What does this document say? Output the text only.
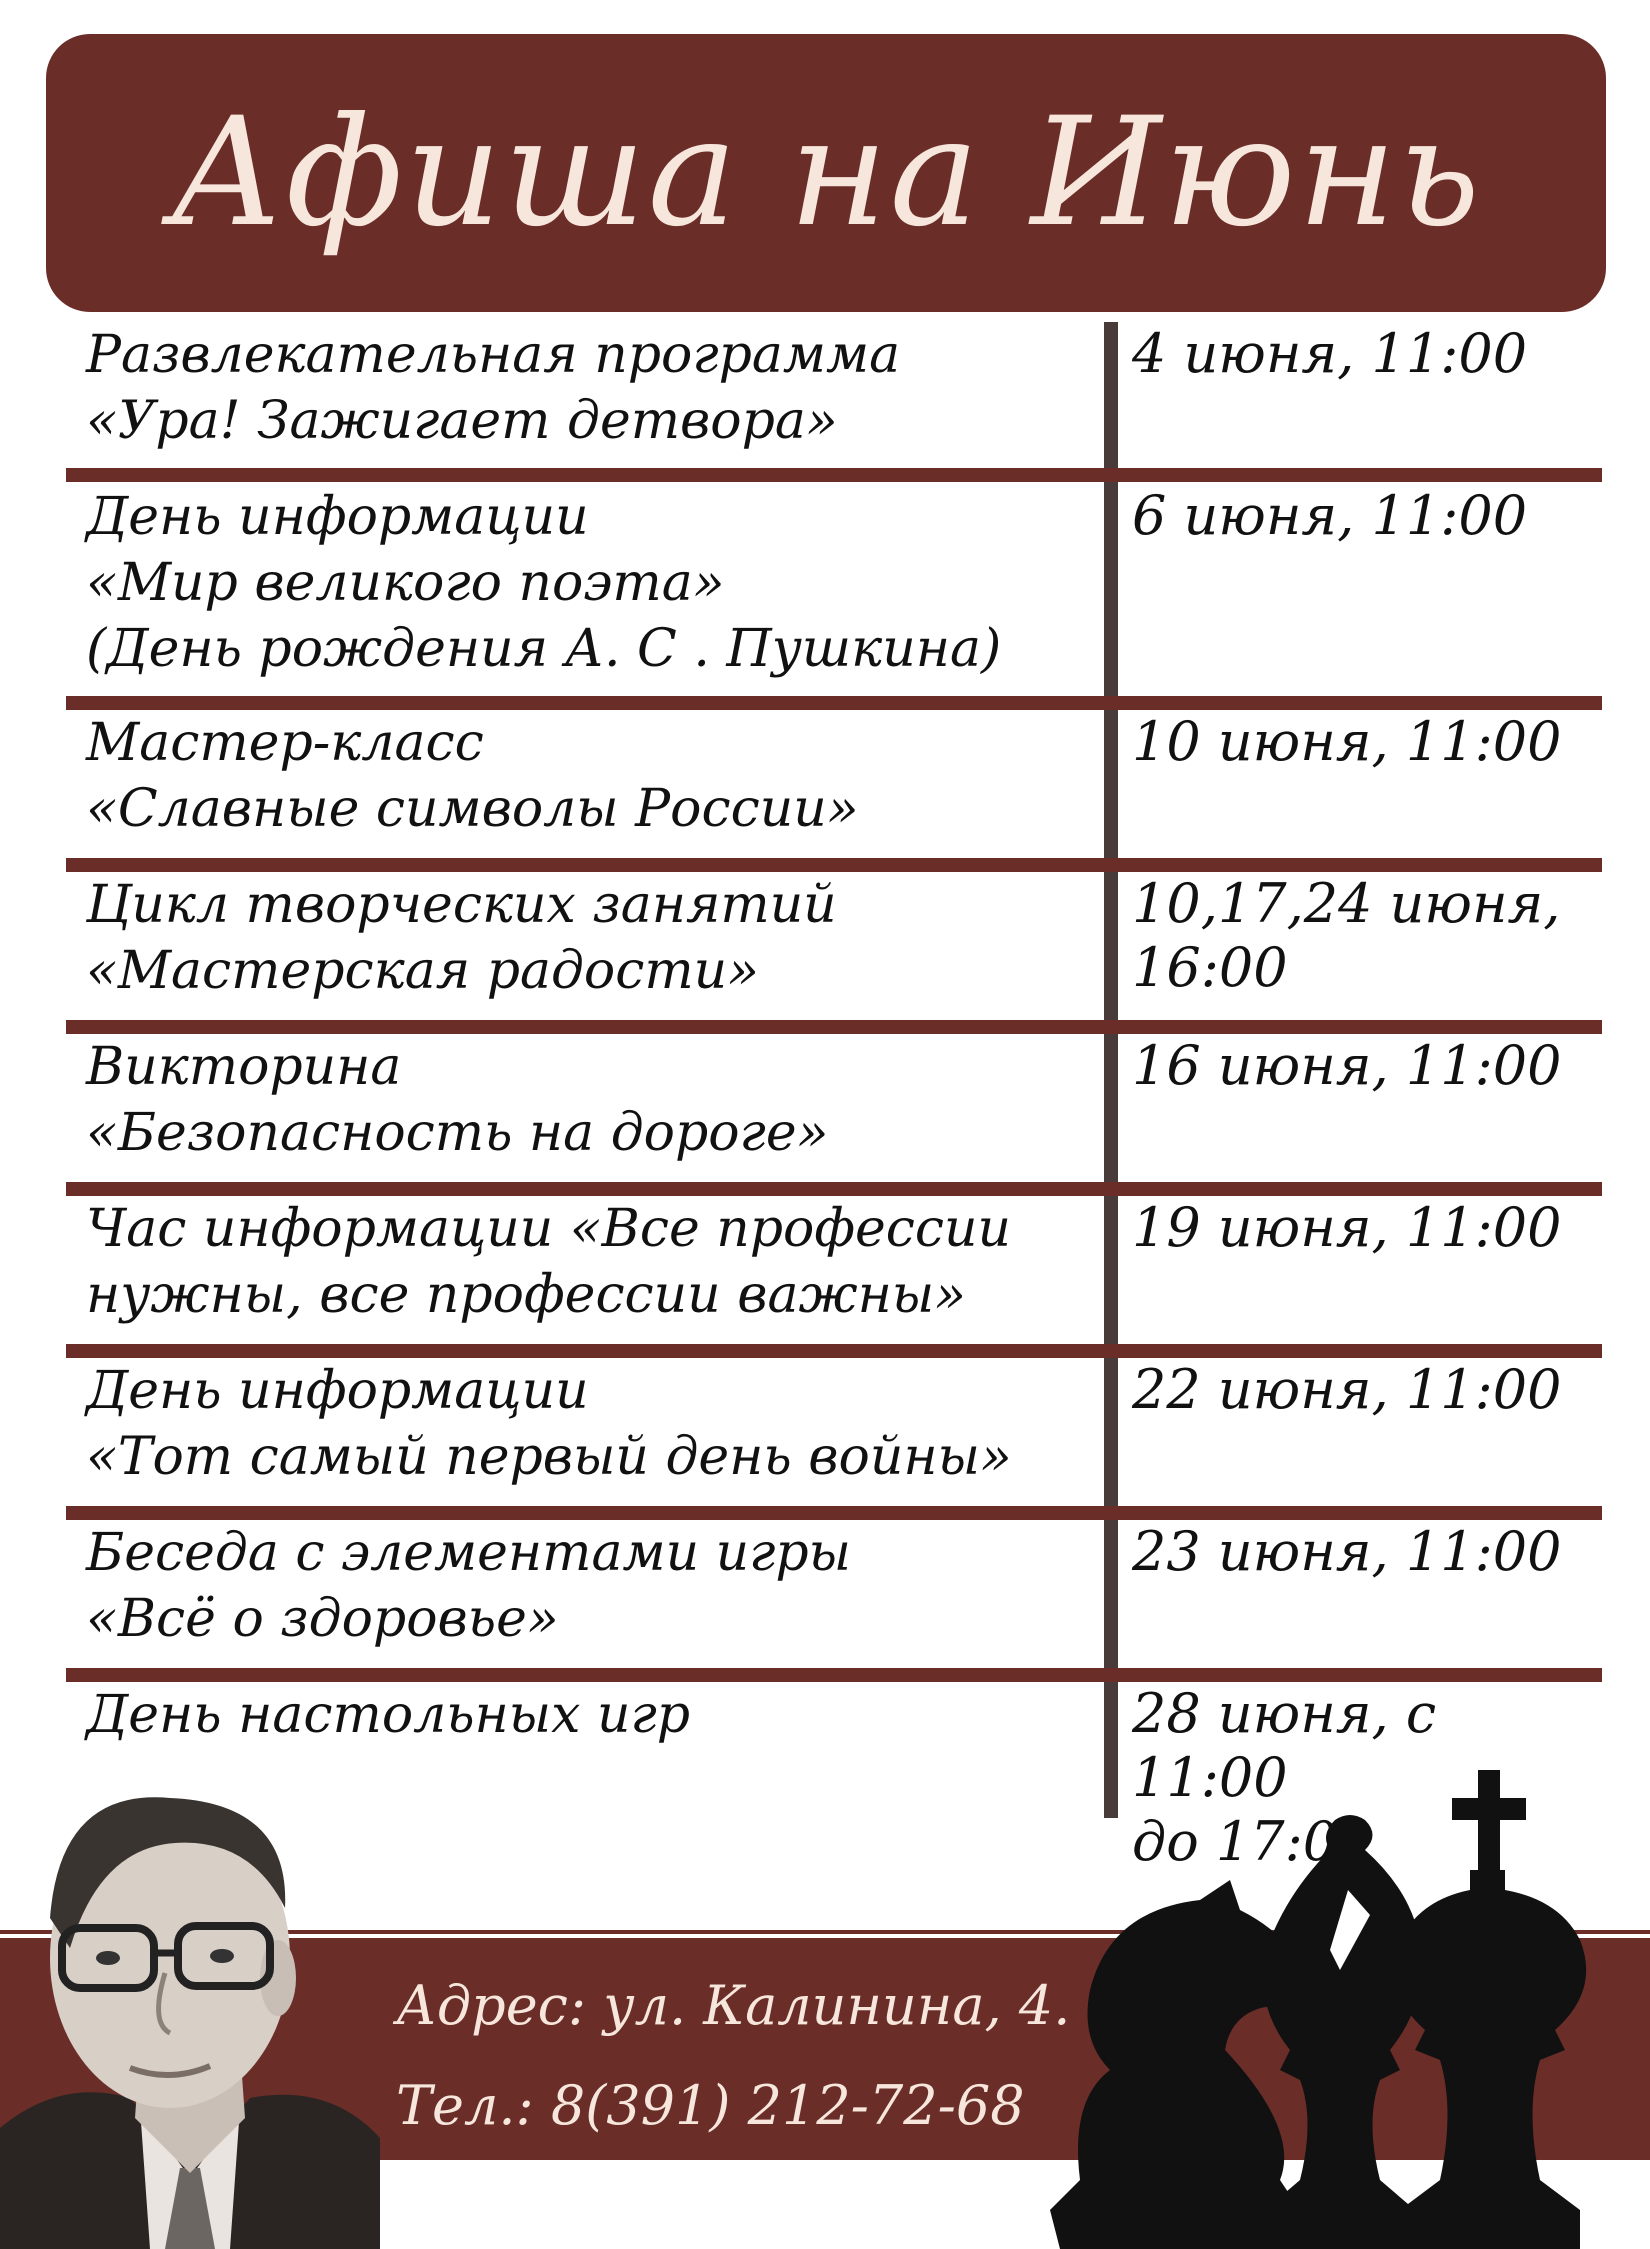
Афиша на Июнь

Развлекательная программа
«Ура! Зажигает детвора»

4 июня, 11:00

День информации
«Мир великого поэта»
(День рождения А. С . Пушкина)

6 июня, 11:00

Мастер-класс
«Славные символы России»

10 июня, 11:00

Цикл творческих занятий
«Мастерская радости»

10,17,24 июня,
16:00

Викторина
«Безопасность на дороге»

16 июня, 11:00

Час информации «Все профессии
нужны, все профессии важны»

19 июня, 11:00

День информации
«Тот самый первый день войны»

22 июня, 11:00

Беседа с элементами игры
«Всё о здоровье»

23 июня, 11:00

День настольных игр	28 июня, с 11:00
до 17:00

Адрес: ул. Калинина, 4.

Тел.: 8(391) 212-72-68
